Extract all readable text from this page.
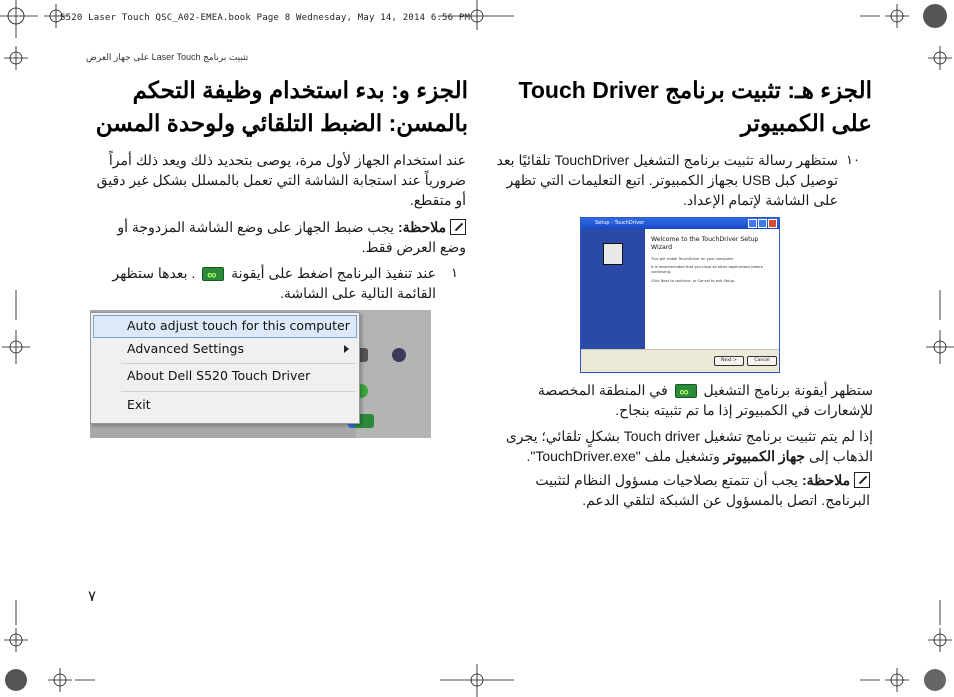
S520 Laser Touch QSC_A02-EMEA.book Page 8 Wednesday, May 14, 2014 6:56 PM
تثبيت برنامج Laser Touch على جهاز العرض
الجزء هـ: تثبيت برنامج Touch Driver على الكمبيوتر
١٠
ستظهر رسالة تثبيت برنامج التشغيل TouchDriver تلقائيًا بعد توصيل كبل USB بجهاز الكمبيوتر. اتبع التعليمات التي تظهر على الشاشة لإتمام الإعداد.
Setup - TouchDriver
Welcome to the TouchDriver Setup Wizard
This will install TouchDriver on your computer.
It is recommended that you close all other applications before continuing.
Click Next to continue, or Cancel to exit Setup.
Next >	Cancel
ستظهر أيقونة برنامج التشغيل ∞ في المنطقة المخصصة للإشعارات في الكمبيوتر إذا ما تم تثبيته بنجاح.
إذا لم يتم تثبيت برنامج تشغيل Touch driver بشكلٍ تلقائي؛ يجرى الذهاب إلى جهاز الكمبيوتر وتشغيل ملف "TouchDriver.exe".
ملاحظة: يجب أن تتمتع بصلاحيات مسؤول النظام لتثبيت البرنامج. اتصل بالمسؤول عن الشبكة لتلقي الدعم.
الجزء و: بدء استخدام وظيفة التحكم بالمسن: الضبط التلقائي ولوحدة المسن
عند استخدام الجهاز لأول مرة، يوصى بتحديد ذلك ويعد ذلك أمراً ضرورياً عند استجابة الشاشة التي تعمل بالمسلل بشكل غير دقيق أو متقطع.
ملاحظة: يجب ضبط الجهاز على وضع الشاشة المزدوجة أو وضع العرض فقط.
١
عند تنفيذ البرنامج اضغط على أيقونة ∞ . بعدها ستظهر القائمة التالية على الشاشة.
Auto adjust touch for this computer
Advanced Settings
About Dell S520 Touch Driver
Exit
٧
